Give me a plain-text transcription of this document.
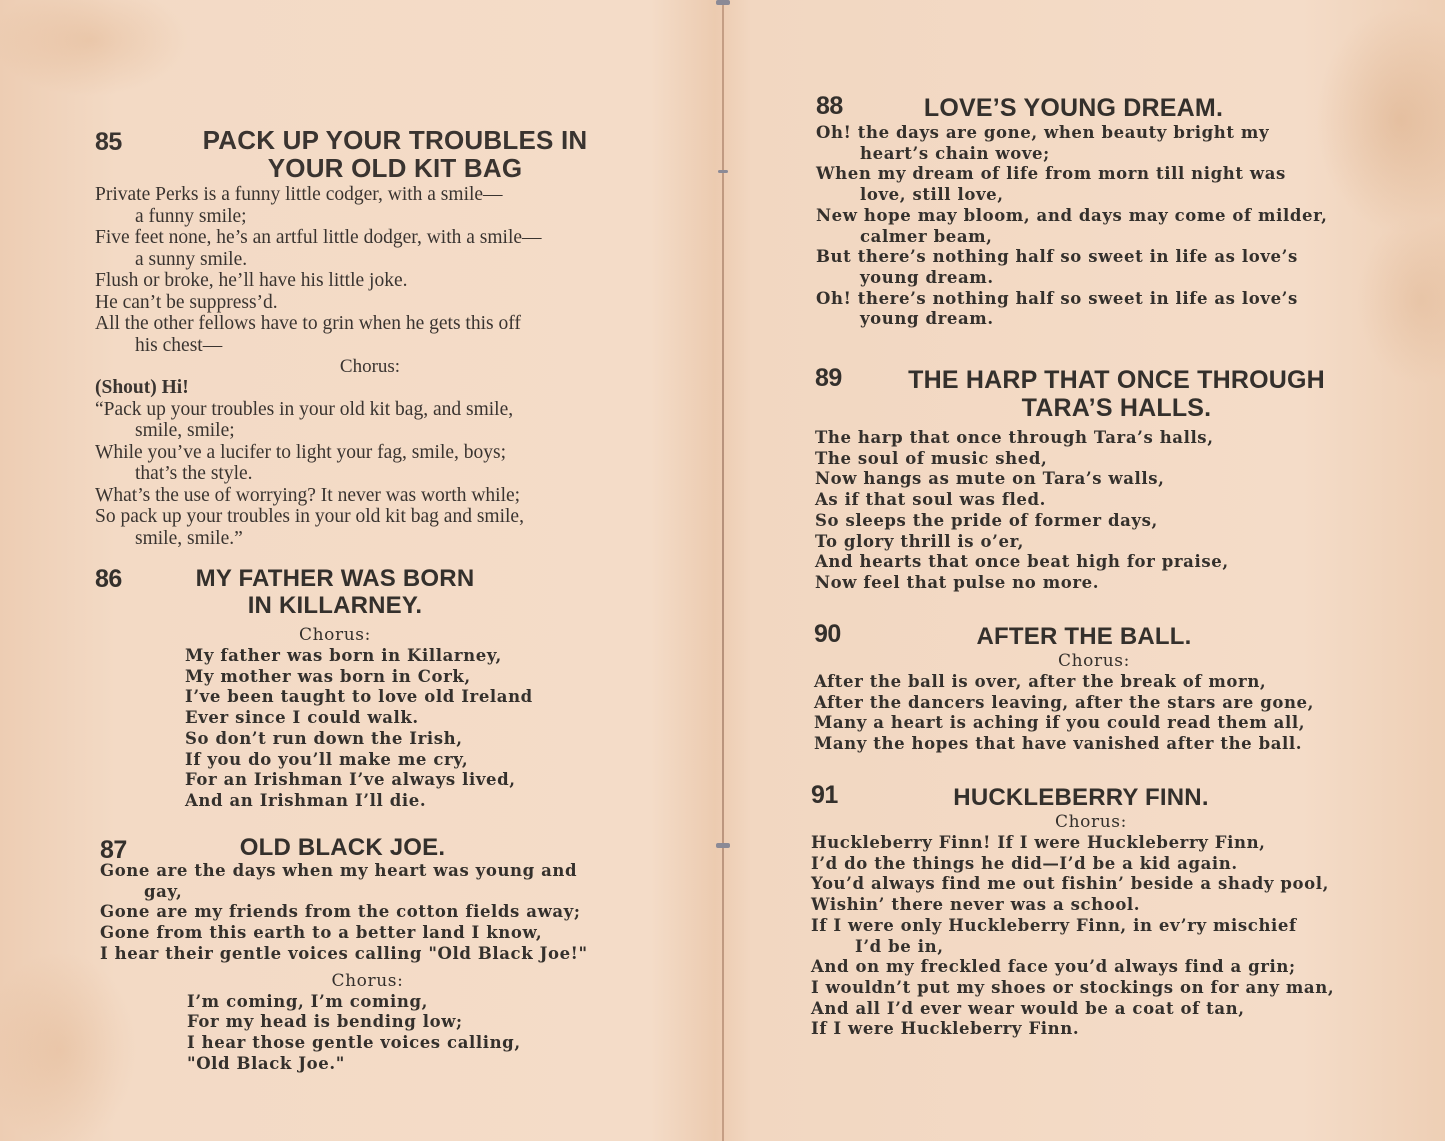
85	PACK UP YOUR TROUBLES IN
YOUR OLD KIT BAG
Private Perks is a funny little codger, with a smile—
a funny smile;
Five feet none, he’s an artful little dodger, with a smile—
a sunny smile.
Flush or broke, he’ll have his little joke.
He can’t be suppress’d.
All the other fellows have to grin when he gets this off
his chest—
Chorus:
(Shout) Hi!
“Pack up your troubles in your old kit bag, and smile,
smile, smile;
While you’ve a lucifer to light your fag, smile, boys;
that’s the style.
What’s the use of worrying? It never was worth while;
So pack up your troubles in your old kit bag and smile,
smile, smile.”
86	MY FATHER WAS BORN
IN KILLARNEY.
Chorus:
My father was born in Killarney,
My mother was born in Cork,
I’ve been taught to love old Ireland
Ever since I could walk.
So don’t run down the Irish,
If you do you’ll make me cry,
For an Irishman I’ve always lived,
And an Irishman I’ll die.
87	OLD BLACK JOE.
Gone are the days when my heart was young and
gay,
Gone are my friends from the cotton fields away;
Gone from this earth to a better land I know,
I hear their gentle voices calling "Old Black Joe!"
Chorus:
I’m coming, I’m coming,
For my head is bending low;
I hear those gentle voices calling,
"Old Black Joe."
88	LOVE’S YOUNG DREAM.
Oh! the days are gone, when beauty bright my
heart’s chain wove;
When my dream of life from morn till night was
love, still love,
New hope may bloom, and days may come of milder,
calmer beam,
But there’s nothing half so sweet in life as love’s
young dream.
Oh! there’s nothing half so sweet in life as love’s
young dream.
89	THE HARP THAT ONCE THROUGH
TARA’S HALLS.
The harp that once through Tara’s halls,
The soul of music shed,
Now hangs as mute on Tara’s walls,
As if that soul was fled.
So sleeps the pride of former days,
To glory thrill is o’er,
And hearts that once beat high for praise,
Now feel that pulse no more.
90	AFTER THE BALL.
Chorus:
After the ball is over, after the break of morn,
After the dancers leaving, after the stars are gone,
Many a heart is aching if you could read them all,
Many the hopes that have vanished after the ball.
91	HUCKLEBERRY FINN.
Chorus:
Huckleberry Finn! If I were Huckleberry Finn,
I’d do the things he did—I’d be a kid again.
You’d always find me out fishin’ beside a shady pool,
Wishin’ there never was a school.
If I were only Huckleberry Finn, in ev’ry mischief
I’d be in,
And on my freckled face you’d always find a grin;
I wouldn’t put my shoes or stockings on for any man,
And all I’d ever wear would be a coat of tan,
If I were Huckleberry Finn.
